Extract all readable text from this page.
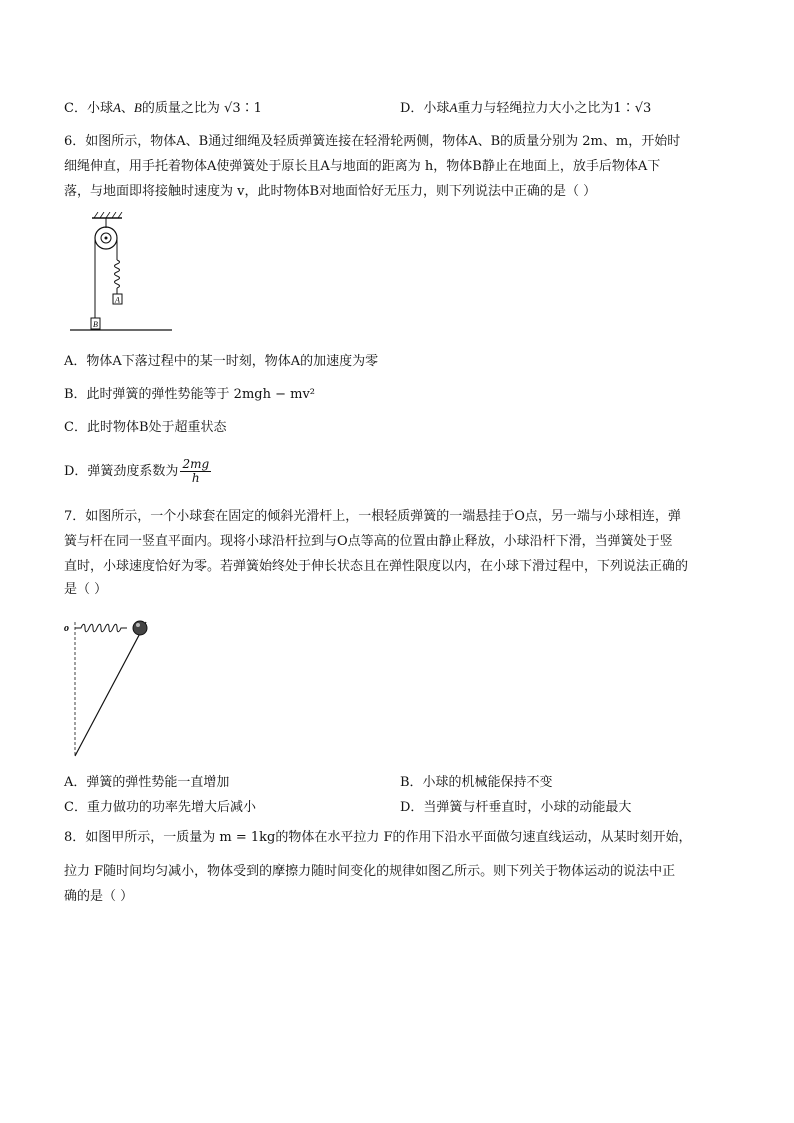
C．小球A、B的质量之比为 √3∶1	D．小球A重力与轻绳拉力大小之比为1∶√3
6．如图所示，物体A、B通过细绳及轻质弹簧连接在轻滑轮两侧，物体A、B的质量分别为 2m、m，开始时
细绳伸直，用手托着物体A使弹簧处于原长且A与地面的距离为 h，物体B静止在地面上，放手后物体A下
落，与地面即将接触时速度为 v，此时物体B对地面恰好无压力，则下列说法中正确的是（ ）
A
B
A．物体A下落过程中的某一时刻，物体A的加速度为零
B．此时弹簧的弹性势能等于 2mgh − mv²
C．此时物体B处于超重状态
D．弹簧劲度系数为 $\frac{2mg}{h}$
7．如图所示，一个小球套在固定的倾斜光滑杆上，一根轻质弹簧的一端悬挂于O点，另一端与小球相连，弹
簧与杆在同一竖直平面内。现将小球沿杆拉到与O点等高的位置由静止释放，小球沿杆下滑，当弹簧处于竖
直时，小球速度恰好为零。若弹簧始终处于伸长状态且在弹性限度以内，在小球下滑过程中，下列说法正确的
是（ ）
o
A．弹簧的弹性势能一直增加	B．小球的机械能保持不变
C．重力做功的功率先增大后减小	D．当弹簧与杆垂直时，小球的动能最大
8．如图甲所示，一质量为 m = 1kg的物体在水平拉力 F的作用下沿水平面做匀速直线运动，从某时刻开始，
拉力 F随时间均匀减小，物体受到的摩擦力随时间变化的规律如图乙所示。则下列关于物体运动的说法中正
确的是（ ）
